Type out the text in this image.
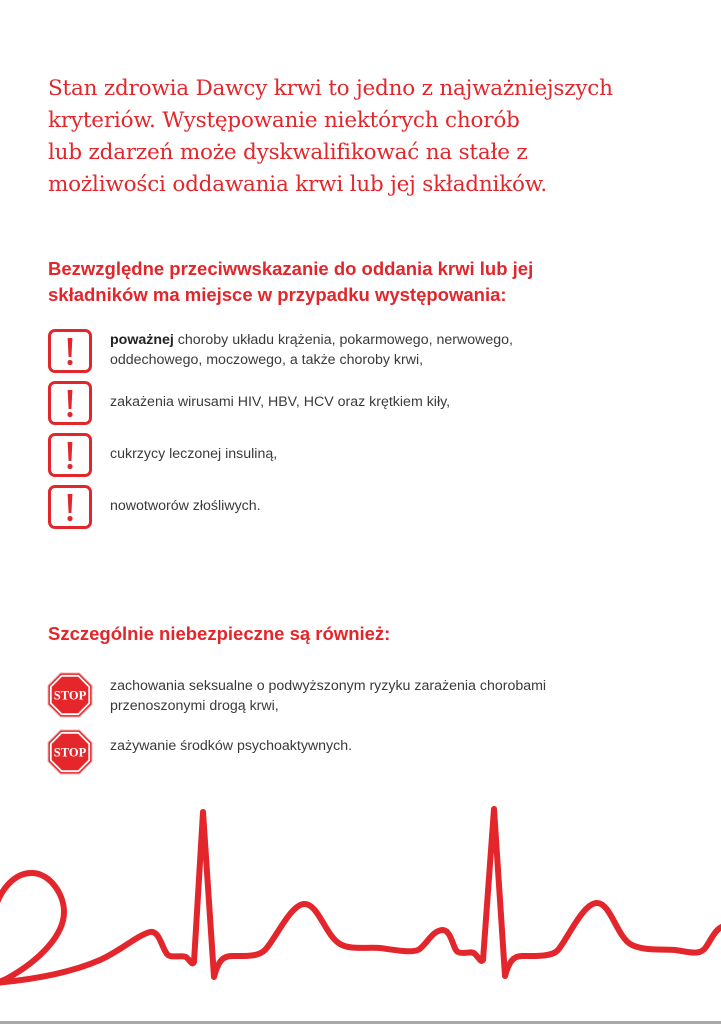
Stan zdrowia Dawcy krwi to jedno z najważniejszych
kryteriów. Występowanie niektórych chorób
lub zdarzeń może dyskwalifikować na stałe z
możliwości oddawania krwi lub jej składników.
Bezwzględne przeciwwskazanie do oddania krwi lub jej
składników ma miejsce w przypadku występowania:
poważnej choroby układu krążenia, pokarmowego, nerwowego,
oddechowego, moczowego, a także choroby krwi,
zakażenia wirusami HIV, HBV, HCV oraz krętkiem kiły,
cukrzycy leczonej insuliną,
nowotworów złośliwych.
Szczególnie niebezpieczne są również:
STOP
zachowania seksualne o podwyższonym ryzyku zarażenia chorobami
przenoszonymi drogą krwi,
STOP zażywanie środków psychoaktywnych.
